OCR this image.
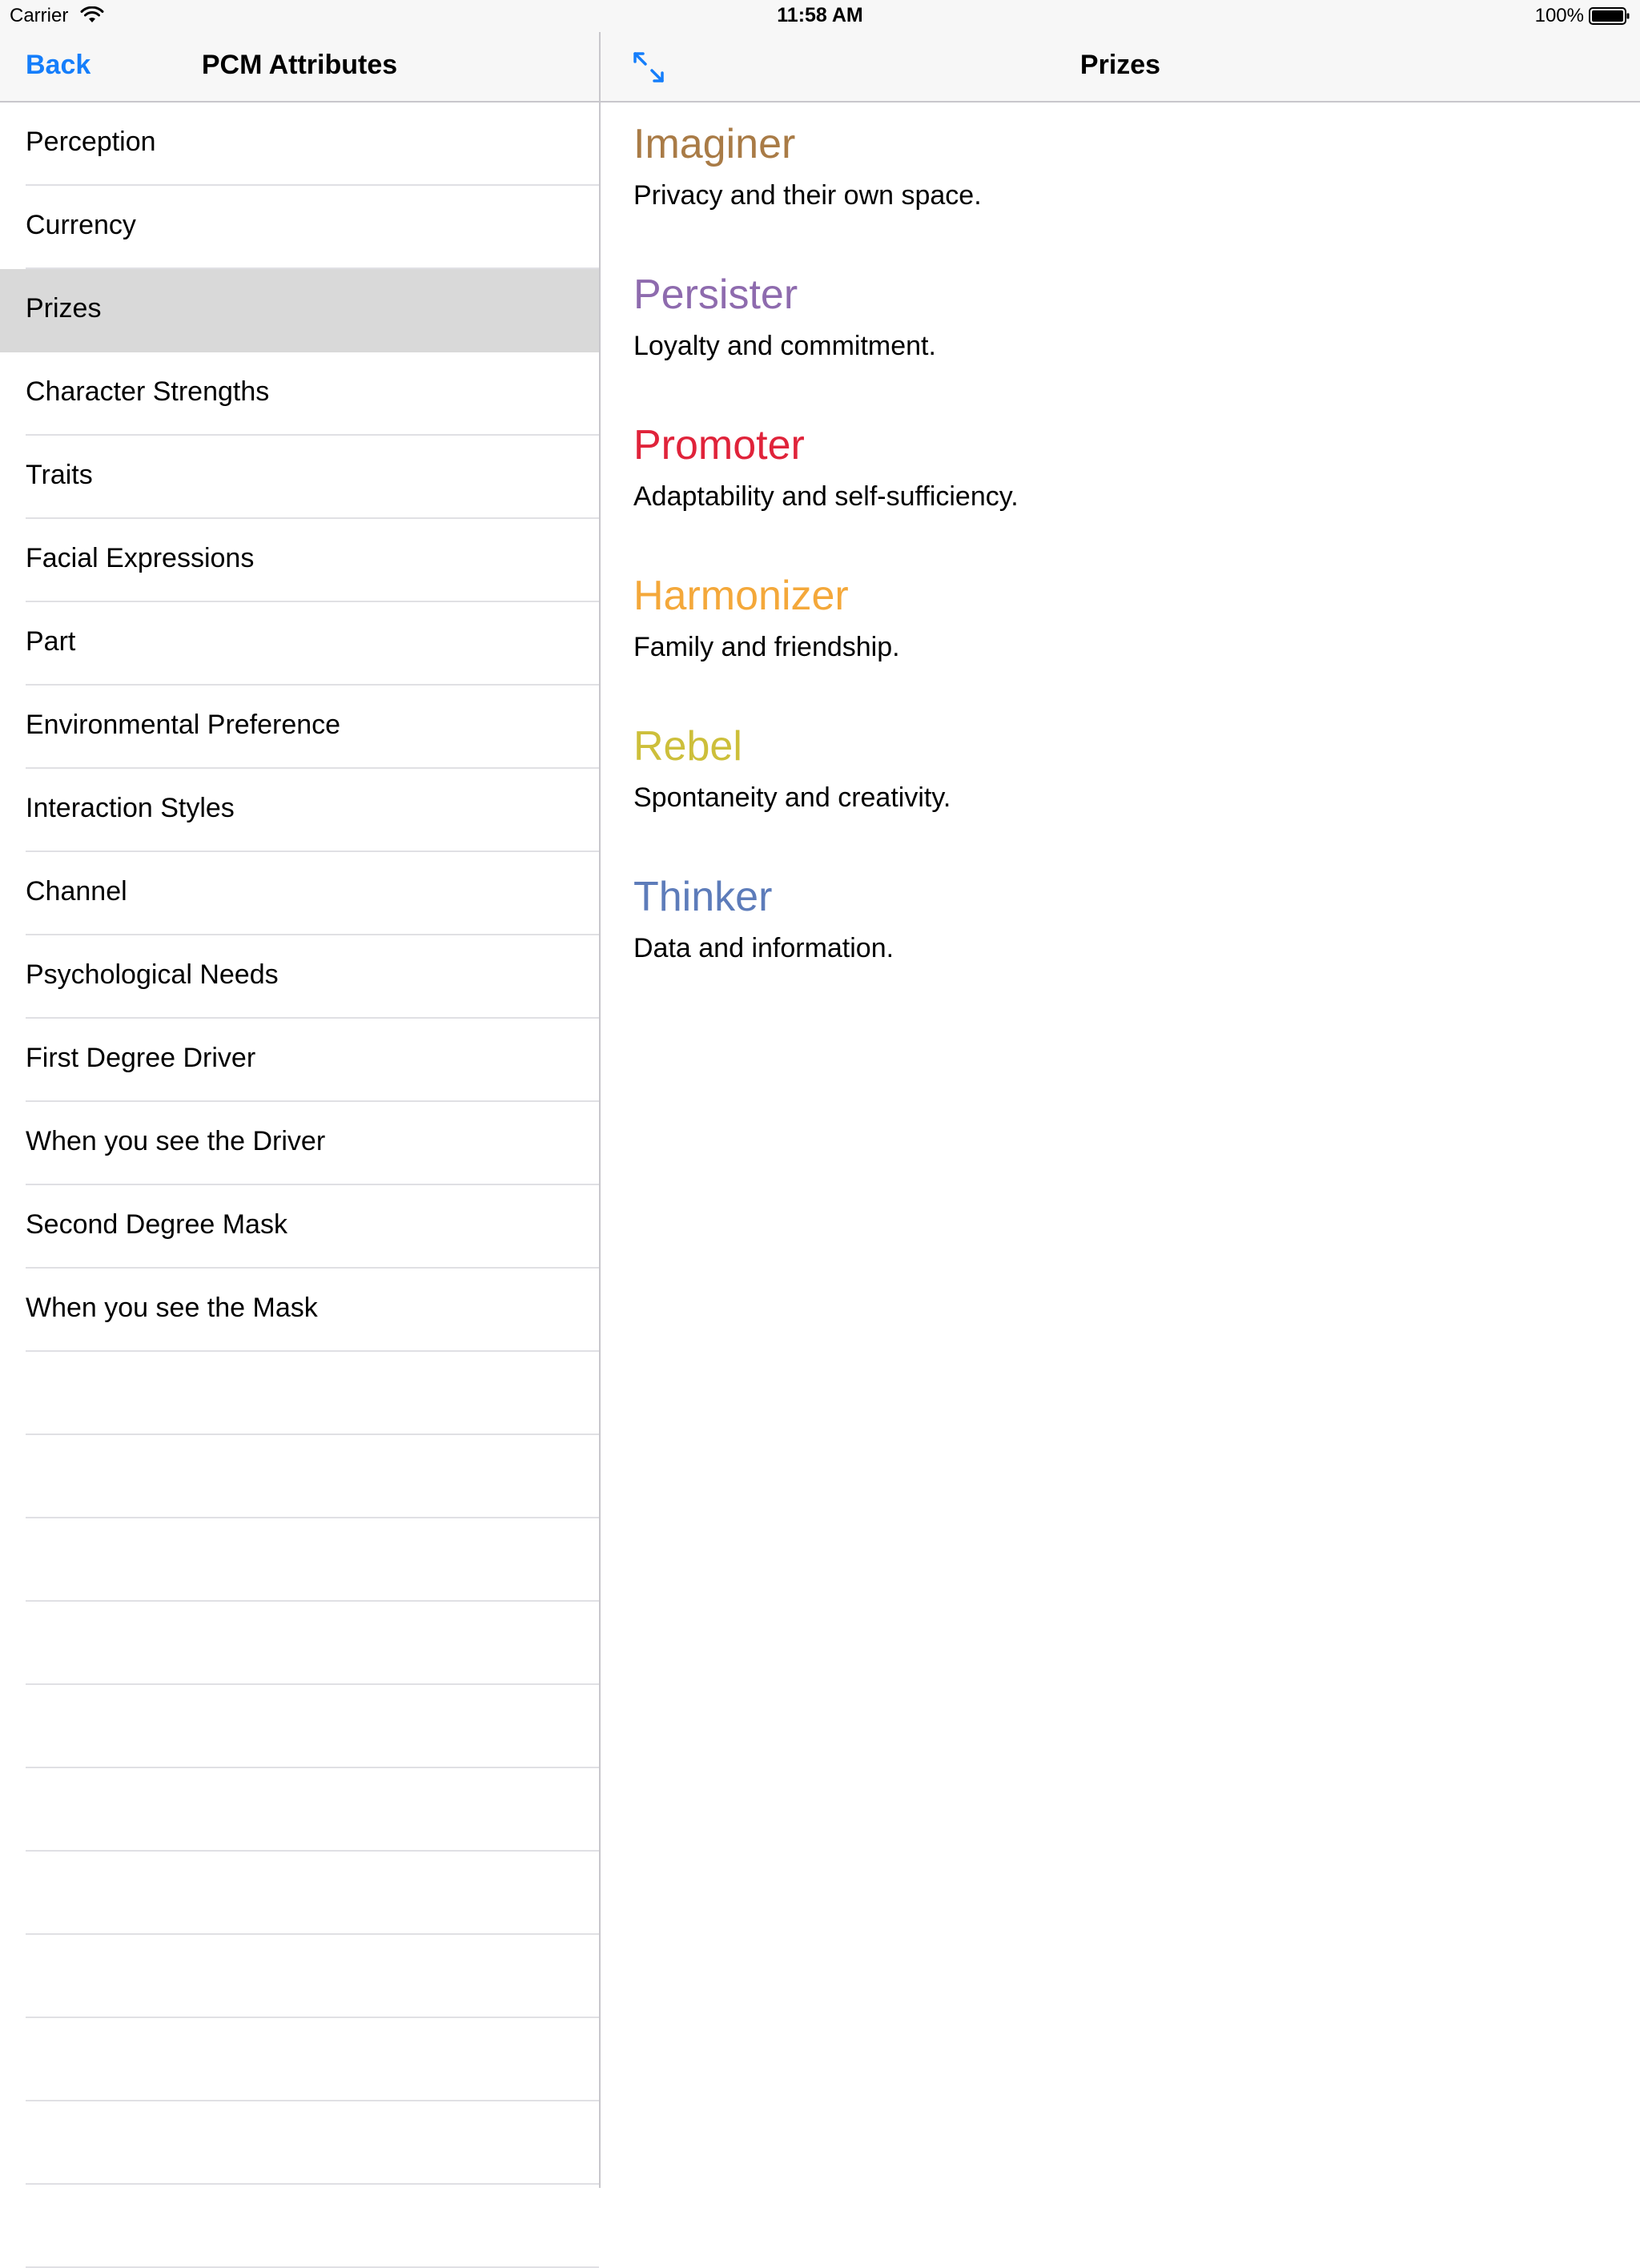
Back	PCM Attributes
Perception
Currency
Prizes
Character Strengths
Traits
Facial Expressions
Part
Environmental Preference
Interaction Styles
Channel
Psychological Needs
First Degree Driver
When you see the Driver
Second Degree Mask
When you see the Mask
Prizes
Imaginer
Privacy and their own space.
Persister
Loyalty and commitment.
Promoter
Adaptability and self-sufficiency.
Harmonizer
Family and friendship.
Rebel
Spontaneity and creativity.
Thinker
Data and information.
Carrier	11:58 AM	100%
